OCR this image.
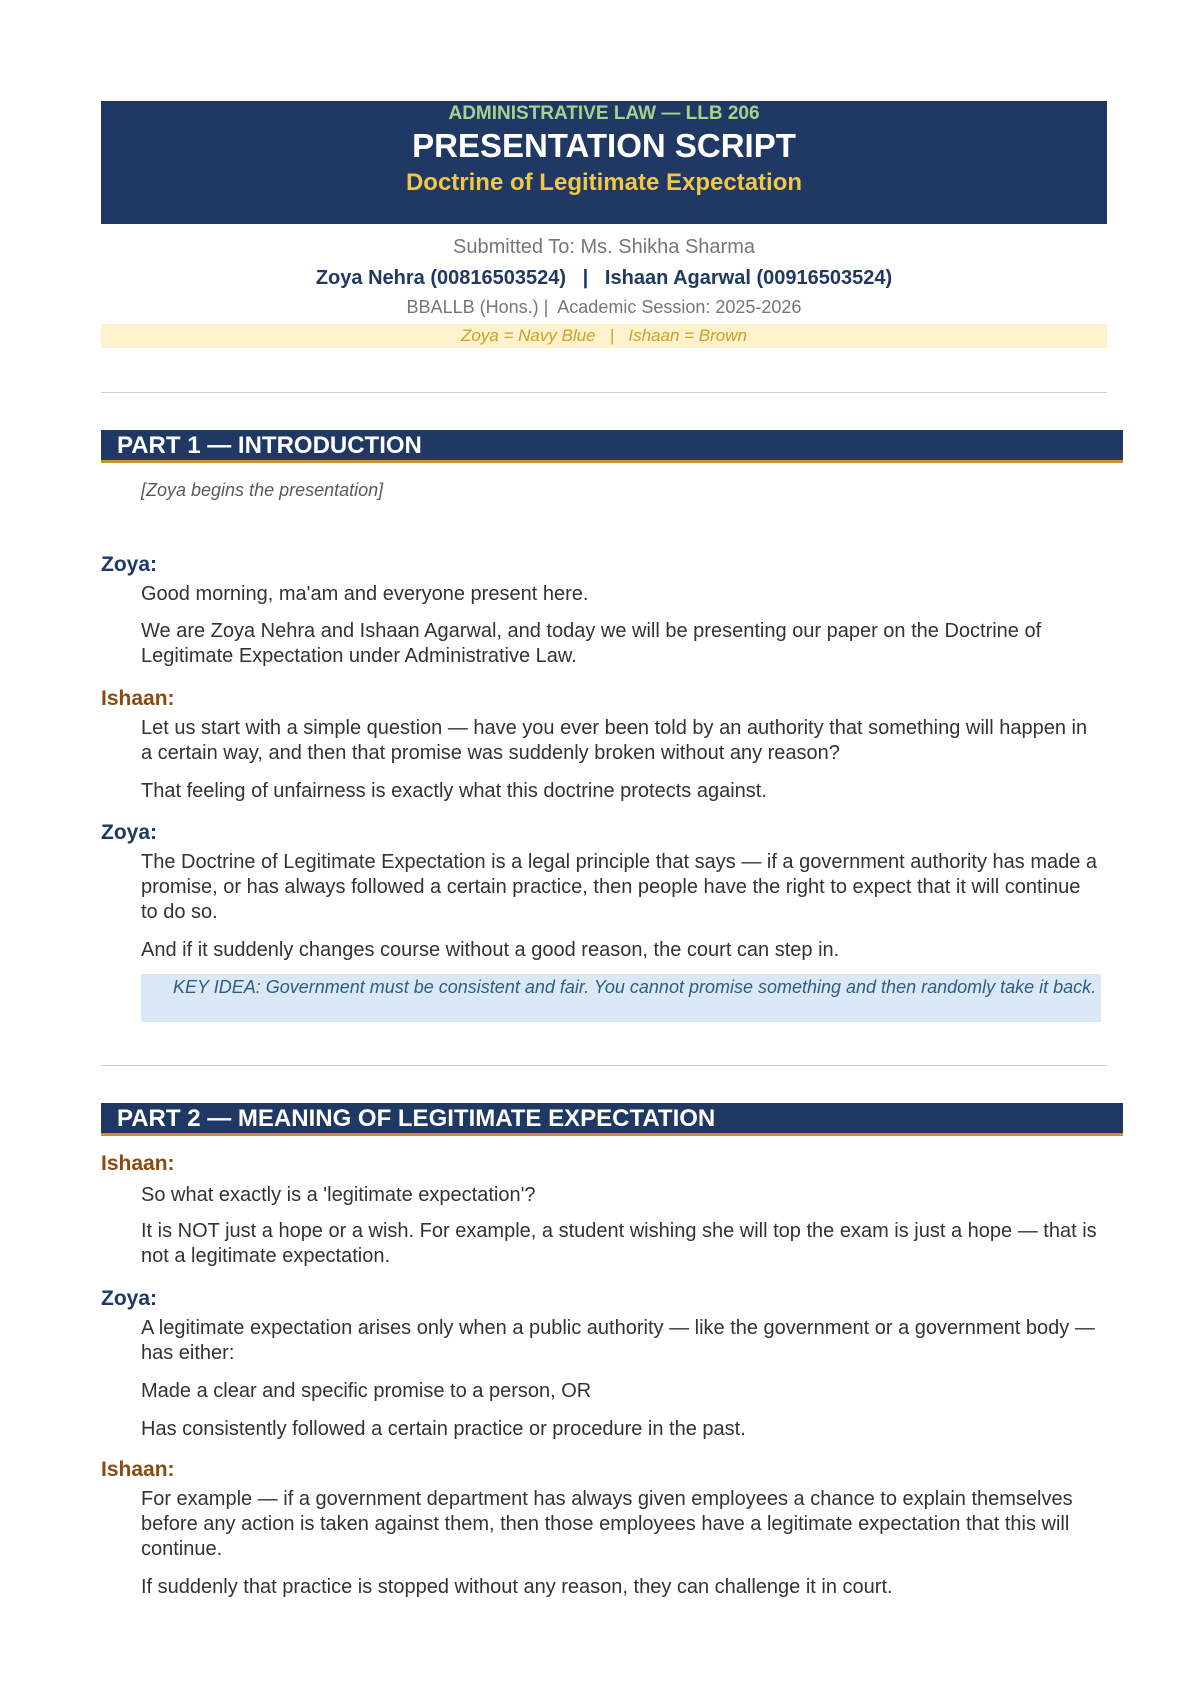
ADMINISTRATIVE LAW — LLB 206
PRESENTATION SCRIPT
Doctrine of Legitimate Expectation
Submitted To: Ms. Shikha Sharma
Zoya Nehra (00816503524)   |   Ishaan Agarwal (00916503524)
BBALLB (Hons.) |  Academic Session: 2025-2026
Zoya = Navy Blue   |   Ishaan = Brown
PART 1 — INTRODUCTION
[Zoya begins the presentation]
Zoya:
Good morning, ma'am and everyone present here.
We are Zoya Nehra and Ishaan Agarwal, and today we will be presenting our paper on the Doctrine of Legitimate Expectation under Administrative Law.
Ishaan:
Let us start with a simple question — have you ever been told by an authority that something will happen in a certain way, and then that promise was suddenly broken without any reason?
That feeling of unfairness is exactly what this doctrine protects against.
Zoya:
The Doctrine of Legitimate Expectation is a legal principle that says — if a government authority has made a promise, or has always followed a certain practice, then people have the right to expect that it will continue to do so.
And if it suddenly changes course without a good reason, the court can step in.
KEY IDEA: Government must be consistent and fair. You cannot promise something and then randomly take it back.
PART 2 — MEANING OF LEGITIMATE EXPECTATION
Ishaan:
So what exactly is a 'legitimate expectation'?
It is NOT just a hope or a wish. For example, a student wishing she will top the exam is just a hope — that is not a legitimate expectation.
Zoya:
A legitimate expectation arises only when a public authority — like the government or a government body — has either:
Made a clear and specific promise to a person, OR
Has consistently followed a certain practice or procedure in the past.
Ishaan:
For example — if a government department has always given employees a chance to explain themselves before any action is taken against them, then those employees have a legitimate expectation that this will continue.
If suddenly that practice is stopped without any reason, they can challenge it in court.
